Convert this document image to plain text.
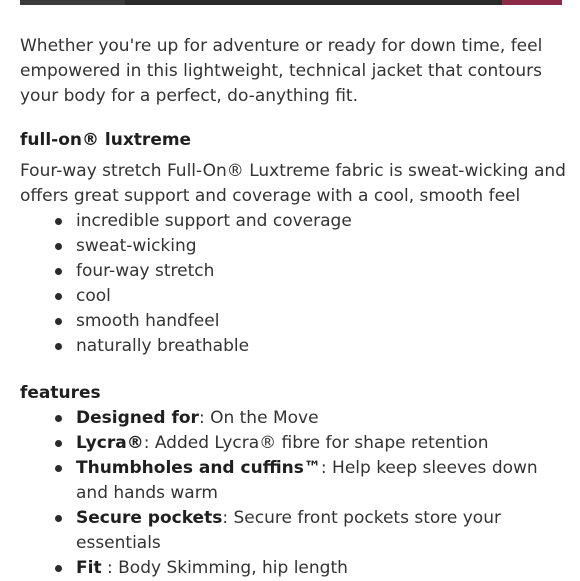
Whether you're up for adventure or ready for down time, feel empowered in this lightweight, technical jacket that contours your body for a perfect, do-anything fit.

full-on® luxtreme

Four-way stretch Full-On® Luxtreme fabric is sweat-wicking and offers great support and coverage with a cool, smooth feel

incredible support and coverage
sweat-wicking
four-way stretch
cool
smooth handfeel
naturally breathable
features
Designed for: On the Move
Lycra®: Added Lycra® fibre for shape retention
Thumbholes and cuffins™: Help keep sleeves down and hands warm
Secure pockets: Secure front pockets store your essentials
Fit : Body Skimming, hip length
